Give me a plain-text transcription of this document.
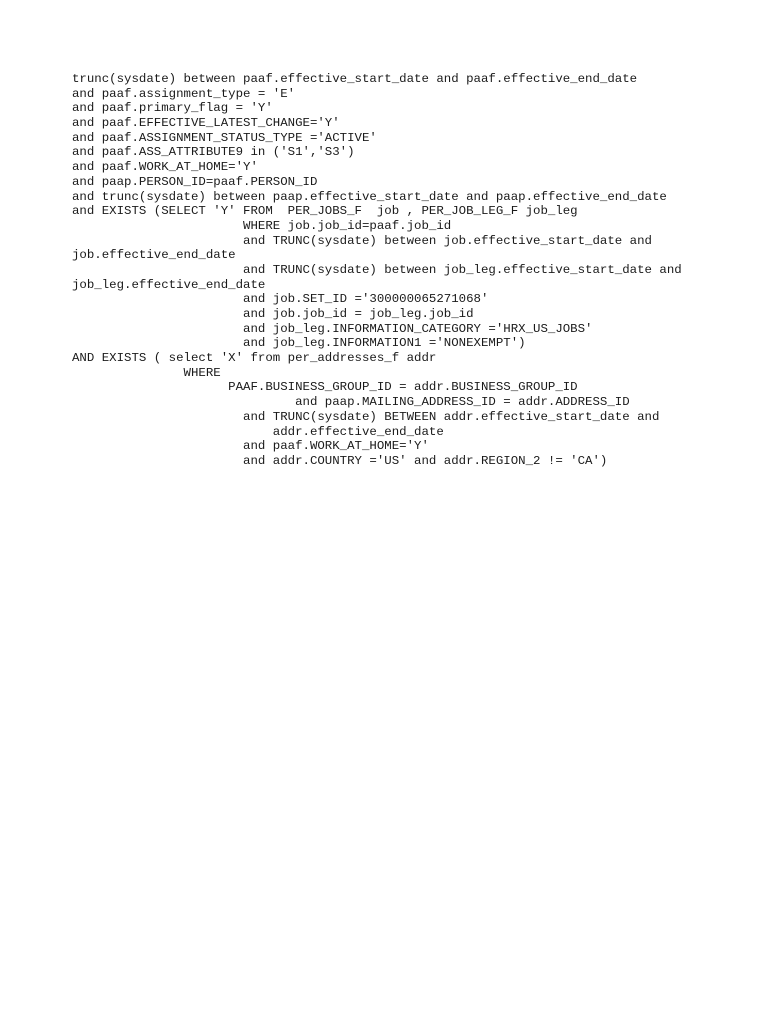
trunc(sysdate) between paaf.effective_start_date and paaf.effective_end_date
and paaf.assignment_type = 'E'
and paaf.primary_flag = 'Y'
and paaf.EFFECTIVE_LATEST_CHANGE='Y'
and paaf.ASSIGNMENT_STATUS_TYPE ='ACTIVE'
and paaf.ASS_ATTRIBUTE9 in ('S1','S3')
and paaf.WORK_AT_HOME='Y'
and paap.PERSON_ID=paaf.PERSON_ID
and trunc(sysdate) between paap.effective_start_date and paap.effective_end_date
and EXISTS (SELECT 'Y' FROM  PER_JOBS_F  job , PER_JOB_LEG_F job_leg
WHERE job.job_id=paaf.job_id
and TRUNC(sysdate) between job.effective_start_date and
job.effective_end_date
and TRUNC(sysdate) between job_leg.effective_start_date and
job_leg.effective_end_date
and job.SET_ID ='300000065271068'
and job.job_id = job_leg.job_id
and job_leg.INFORMATION_CATEGORY ='HRX_US_JOBS'
and job_leg.INFORMATION1 ='NONEXEMPT')
AND EXISTS ( select 'X' from per_addresses_f addr
WHERE
PAAF.BUSINESS_GROUP_ID = addr.BUSINESS_GROUP_ID
and paap.MAILING_ADDRESS_ID = addr.ADDRESS_ID
and TRUNC(sysdate) BETWEEN addr.effective_start_date and
addr.effective_end_date
and paaf.WORK_AT_HOME='Y'
and addr.COUNTRY ='US' and addr.REGION_2 != 'CA')
